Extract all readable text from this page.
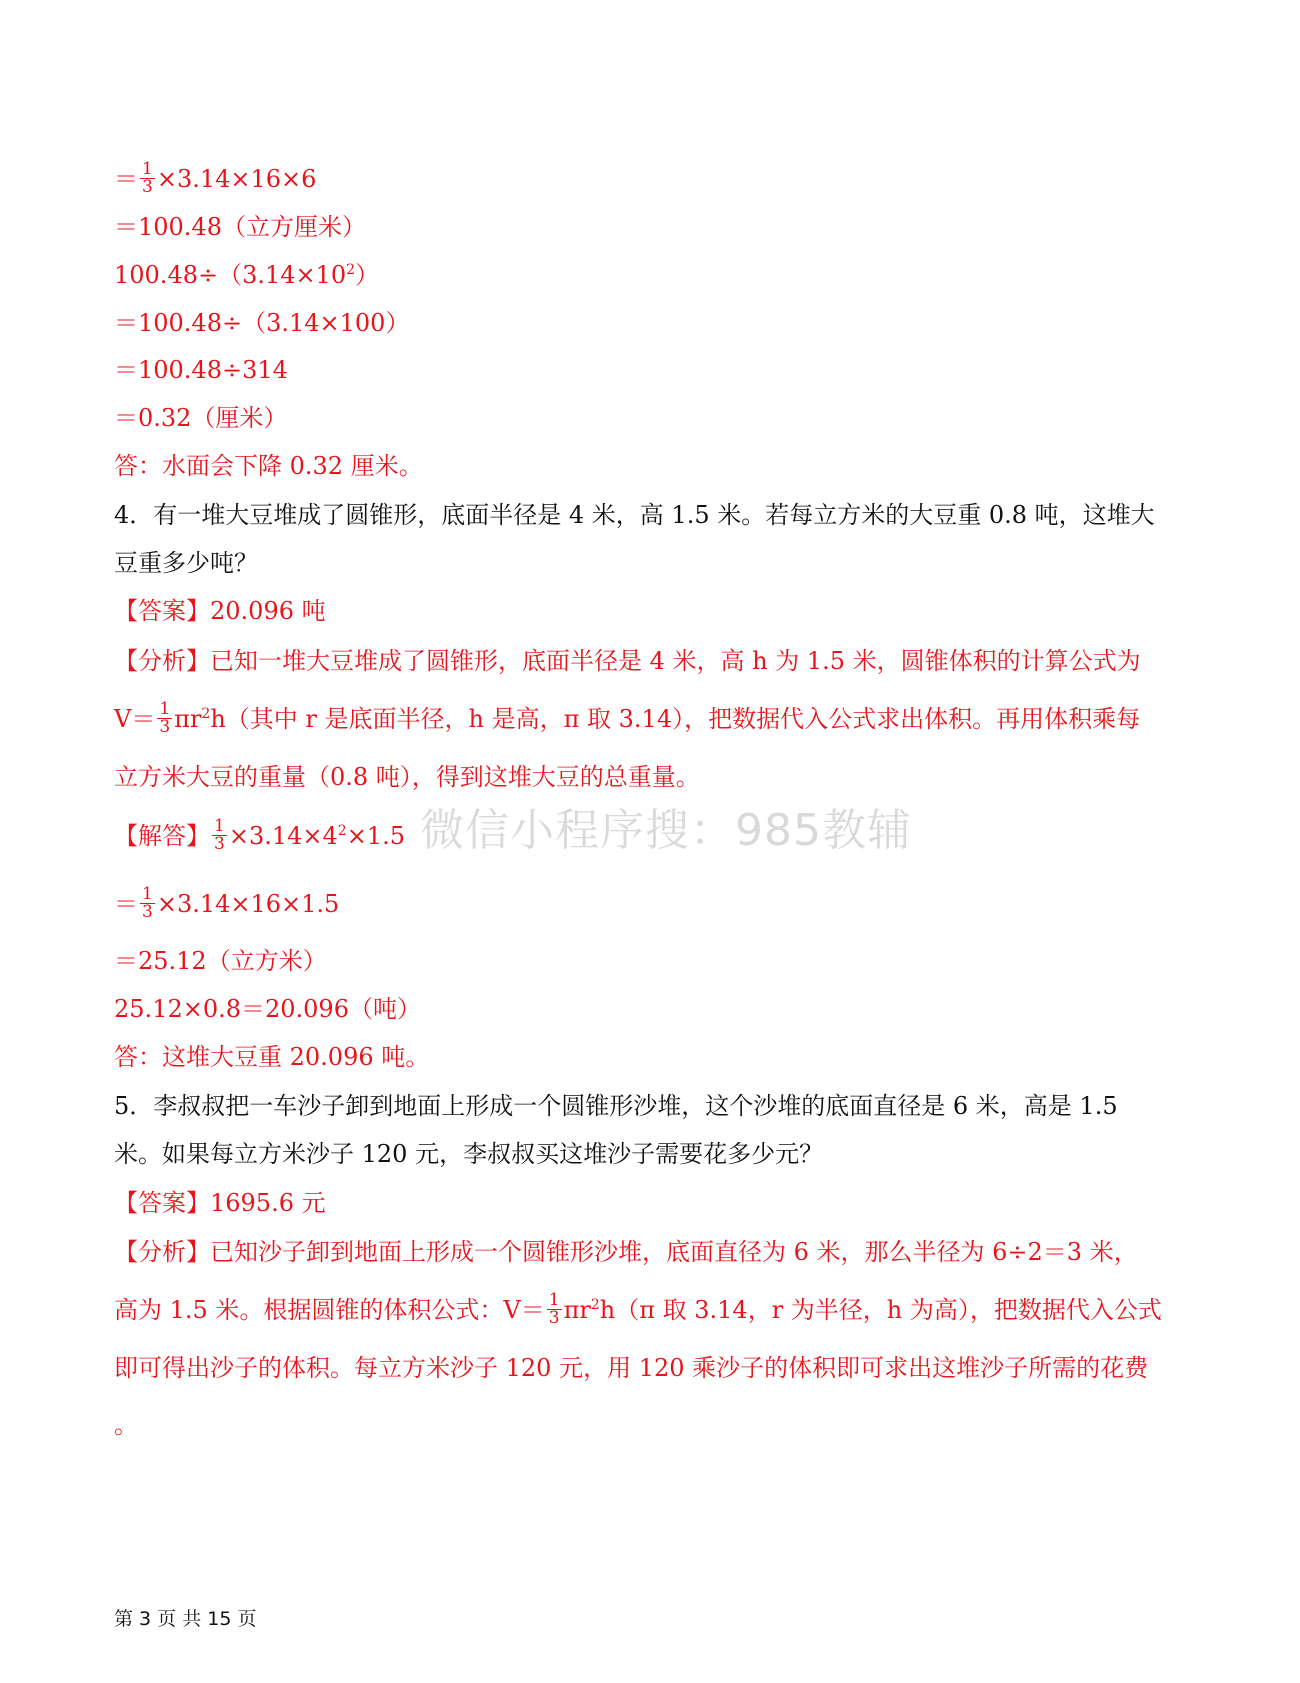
＝ $\frac{1}{3} \times 3.14\times 16\times 6$
＝100.48（立方厘米）
$100.48\div(3.14\times 10^2)$
＝100.48÷（3.14×100）
＝100.48÷314
＝0.32（厘米）
答：水面会下降 0.32 厘米。
4．有一堆大豆堆成了圆锥形，底面半径是 4 米，高 1.5 米。若每立方米的大豆重 0.8 吨，这堆大
豆重多少吨？
【答案】20.096 吨
【分析】已知一堆大豆堆成了圆锥形，底面半径是 4 米，高 h 为 1.5 米，圆锥体积的计算公式为
$V= \frac{1}{3} \pi r^2h$（其中 r 是底面半径，h 是高，π 取 3.14），把数据代入公式求出体积。再用体积乘每
立方米大豆的重量（0.8 吨），得到这堆大豆的总重量。
【解答】 $\frac{1}{3} \times 3.14\times 4^2\times 1.5$
＝ $\frac{1}{3} \times 3.14\times 16\times 1.5$
＝25.12（立方米）
25.12×0.8＝20.096（吨）
答：这堆大豆重 20.096 吨。
5．李叔叔把一车沙子卸到地面上形成一个圆锥形沙堆，这个沙堆的底面直径是 6 米，高是 1.5
米。如果每立方米沙子 120 元，李叔叔买这堆沙子需要花多少元？
【答案】1695.6 元
【分析】已知沙子卸到地面上形成一个圆锥形沙堆，底面直径为 6 米，那么半径为 6÷2＝3 米，
高为 1.5 米。根据圆锥的体积公式：$V= \frac{1}{3} \pi r^2h(\pi$ 取 3.14，r 为半径，h 为高），把数据代入公式
即可得出沙子的体积。每立方米沙子 120 元，用 120 乘沙子的体积即可求出这堆沙子所需的花费
。
微信小程序搜：985教辅
第 3 页 共 15 页
